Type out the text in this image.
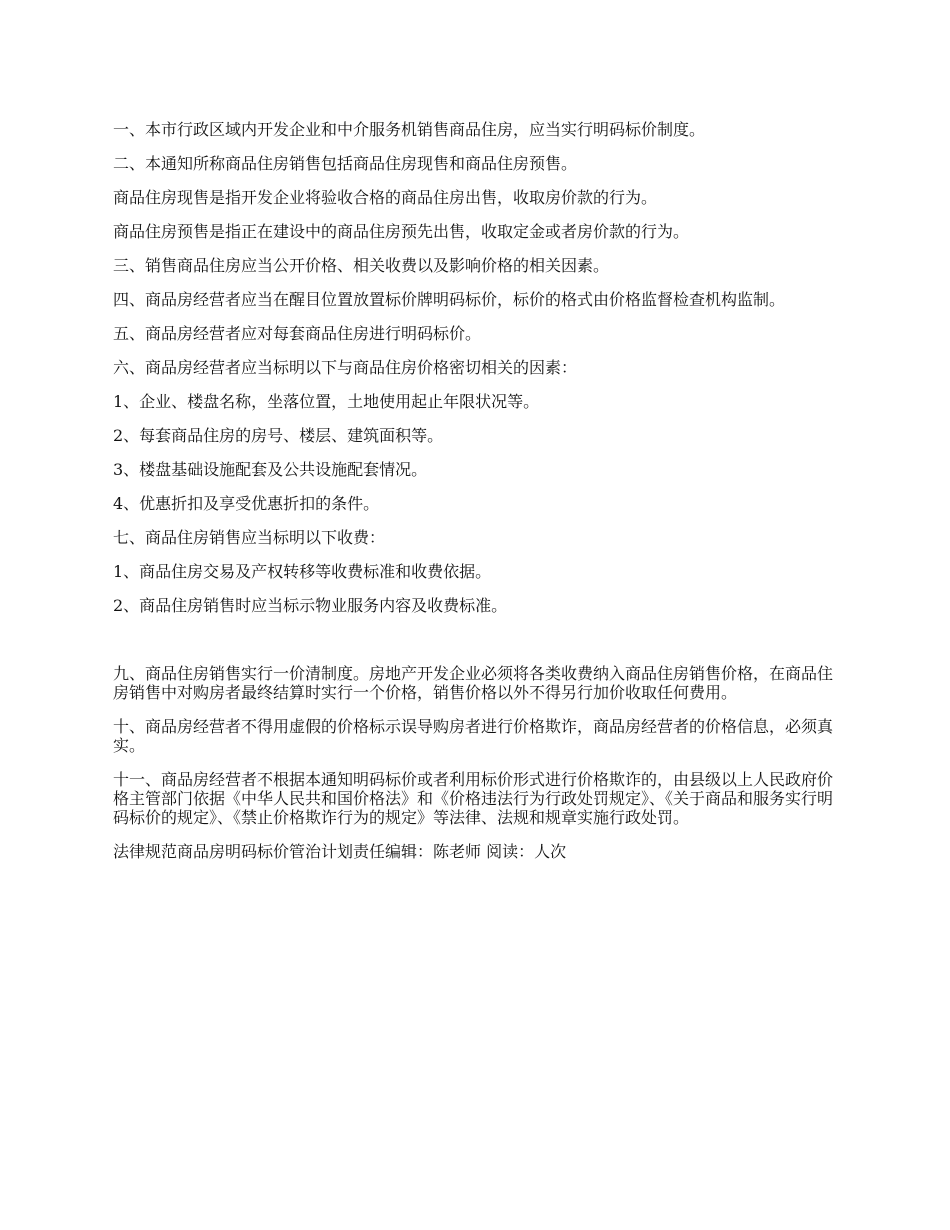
一、本市行政区域内开发企业和中介服务机销售商品住房，应当实行明码标价制度。

二、本通知所称商品住房销售包括商品住房现售和商品住房预售。

商品住房现售是指开发企业将验收合格的商品住房出售，收取房价款的行为。

商品住房预售是指正在建设中的商品住房预先出售，收取定金或者房价款的行为。

三、销售商品住房应当公开价格、相关收费以及影响价格的相关因素。

四、商品房经营者应当在醒目位置放置标价牌明码标价，标价的格式由价格监督检查机构监制。

五、商品房经营者应对每套商品住房进行明码标价。

六、商品房经营者应当标明以下与商品住房价格密切相关的因素：

1、企业、楼盘名称，坐落位置，土地使用起止年限状况等。

2、每套商品住房的房号、楼层、建筑面积等。

3、楼盘基础设施配套及公共设施配套情况。

4、优惠折扣及享受优惠折扣的条件。

七、商品住房销售应当标明以下收费：

1、商品住房交易及产权转移等收费标准和收费依据。

2、商品住房销售时应当标示物业服务内容及收费标准。

九、商品住房销售实行一价清制度。房地产开发企业必须将各类收费纳入商品住房销售价格，在商品住房销售中对购房者最终结算时实行一个价格，销售价格以外不得另行加价收取任何费用。

十、商品房经营者不得用虚假的价格标示误导购房者进行价格欺诈，商品房经营者的价格信息，必须真实。

十一、商品房经营者不根据本通知明码标价或者利用标价形式进行价格欺诈的，由县级以上人民政府价格主管部门依据《中华人民共和国价格法》和《价格违法行为行政处罚规定》、《关于商品和服务实行明码标价的规定》、《禁止价格欺诈行为的规定》等法律、法规和规章实施行政处罚。

法律规范商品房明码标价管治计划责任编辑：陈老师 阅读：人次
